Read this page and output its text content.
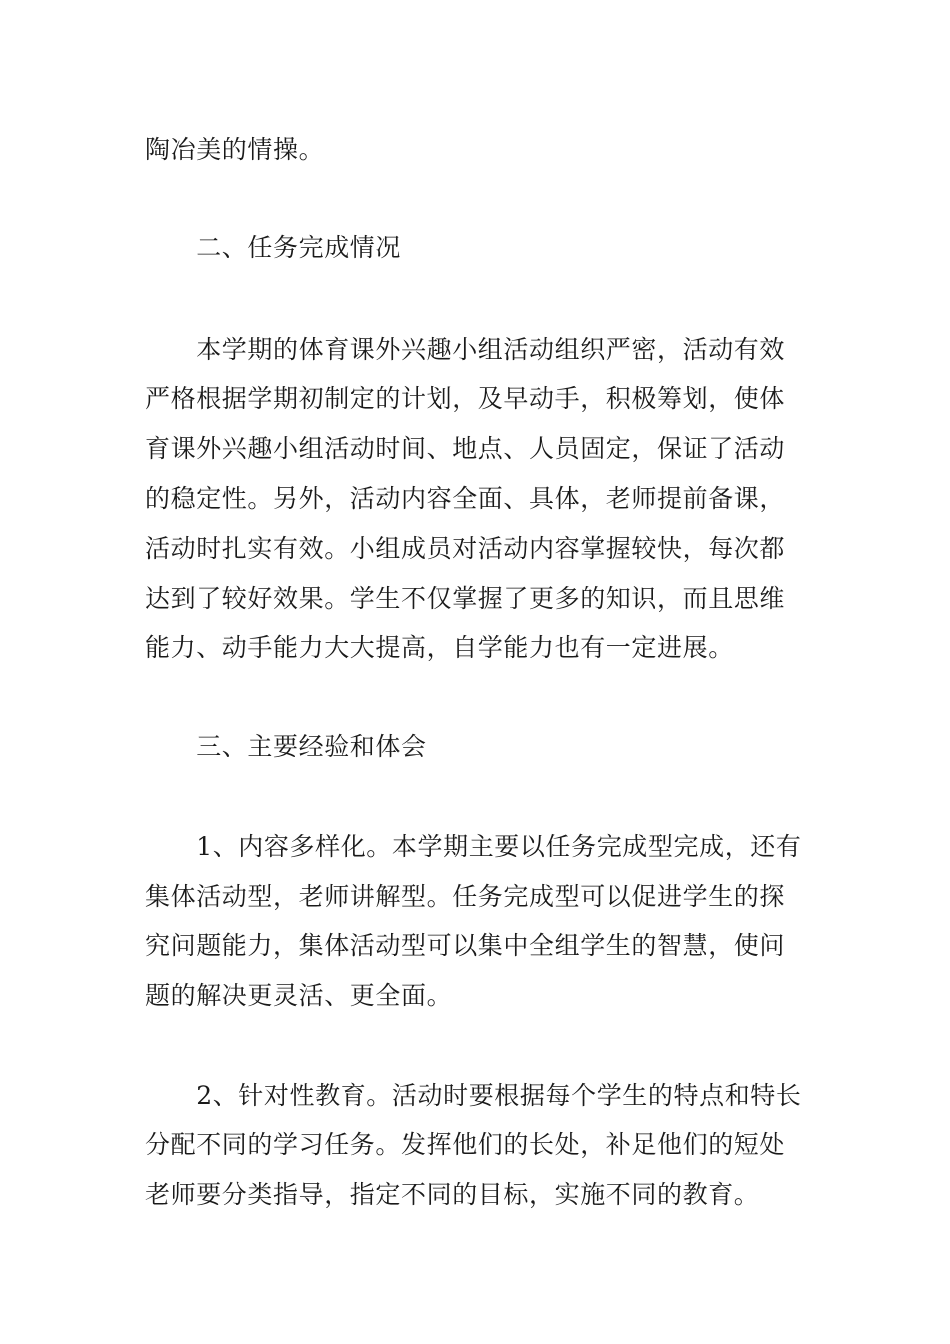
陶冶美的情操。
　　二、任务完成情况
　　本学期的体育课外兴趣小组活动组织严密，活动有效
严格根据学期初制定的计划，及早动手，积极筹划，使体
育课外兴趣小组活动时间、地点、人员固定，保证了活动
的稳定性。另外，活动内容全面、具体，老师提前备课，
活动时扎实有效。小组成员对活动内容掌握较快，每次都
达到了较好效果。学生不仅掌握了更多的知识，而且思维
能力、动手能力大大提高，自学能力也有一定进展。
　　三、主要经验和体会
　　1、内容多样化。本学期主要以任务完成型完成，还有
集体活动型，老师讲解型。任务完成型可以促进学生的探
究问题能力，集体活动型可以集中全组学生的智慧，使问
题的解决更灵活、更全面。
　　2、针对性教育。活动时要根据每个学生的特点和特长
分配不同的学习任务。发挥他们的长处，补足他们的短处
老师要分类指导，指定不同的目标，实施不同的教育。
